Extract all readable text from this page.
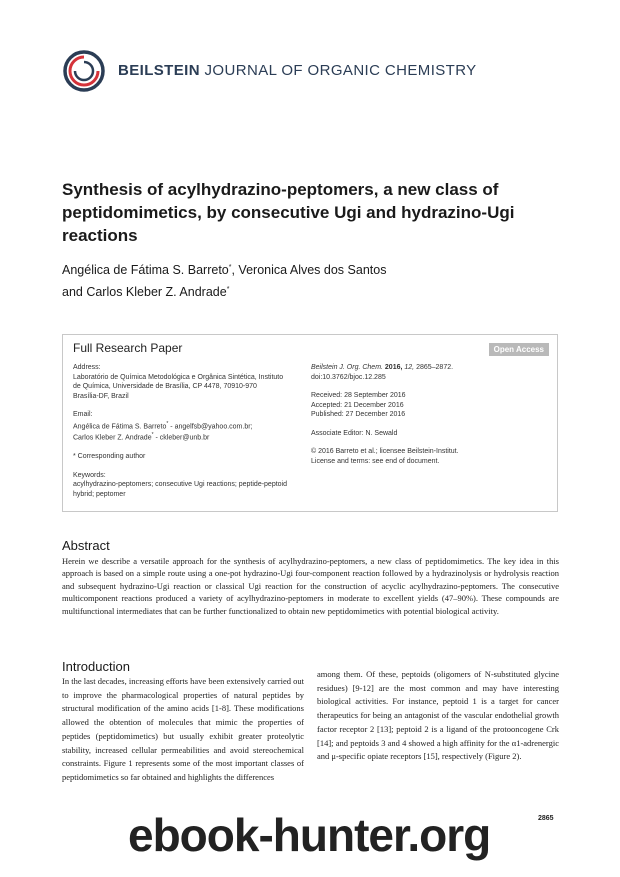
BEILSTEIN JOURNAL OF ORGANIC CHEMISTRY
Synthesis of acylhydrazino-peptomers, a new class of peptidomimetics, by consecutive Ugi and hydrazino-Ugi reactions
Angélica de Fátima S. Barreto*, Veronica Alves dos Santos
and Carlos Kleber Z. Andrade*
Full Research Paper	Open Access
Address:
Laboratório de Química Metodológica e Orgânica Sintética, Instituto
de Química, Universidade de Brasília, CP 4478, 70910-970
Brasília-DF, Brazil
Email:
Angélica de Fátima S. Barreto* - angelfsb@yahoo.com.br;
Carlos Kleber Z. Andrade* - ckleber@unb.br
* Corresponding author
Keywords:
acylhydrazino-peptomers; consecutive Ugi reactions; peptide-peptoid
hybrid; peptomer
Beilstein J. Org. Chem. 2016, 12, 2865–2872.
doi:10.3762/bjoc.12.285
Received: 28 September 2016
Accepted: 21 December 2016
Published: 27 December 2016
Associate Editor: N. Sewald
© 2016 Barreto et al.; licensee Beilstein-Institut.
License and terms: see end of document.
Abstract
Herein we describe a versatile approach for the synthesis of acylhydrazino-peptomers, a new class of peptidomimetics. The key idea in this approach is based on a simple route using a one-pot hydrazino-Ugi four-component reaction followed by a hydrazinolysis or hydrolysis reaction and subsequent hydrazino-Ugi reaction or classical Ugi reaction for the construction of acyclic acylhydrazino-peptomers. The consecutive multicomponent reactions produced a variety of acylhydrazino-peptomers in moderate to excellent yields (47–90%). These compounds are multifunctional intermediates that can be further functionalized to obtain new peptidomimetics with potential biological activity.
Introduction
In the last decades, increasing efforts have been extensively carried out to improve the pharmacological properties of natural peptides by structural modification of the amino acids [1-8]. These modifications allowed the obtention of molecules that mimic the properties of peptides (peptidomimetics) but usually exhibit greater proteolytic stability, increased cellular permeabilities and avoid stereochemical constraints. Figure 1 represents some of the most important classes of peptidomimetics so far obtained and highlights the differences
among them. Of these, peptoids (oligomers of N-substituted glycine residues) [9-12] are the most common and may have interesting biological activities. For instance, peptoid 1 is a target for cancer therapeutics for being an antagonist of the vascular endothelial growth factor receptor 2 [13]; peptoid 2 is a ligand of the protooncogene Crk [14]; and peptoids 3 and 4 showed a high affinity for the α1-adrenergic and μ-specific opiate receptors [15], respectively (Figure 2).
2865
ebook-hunter.org
